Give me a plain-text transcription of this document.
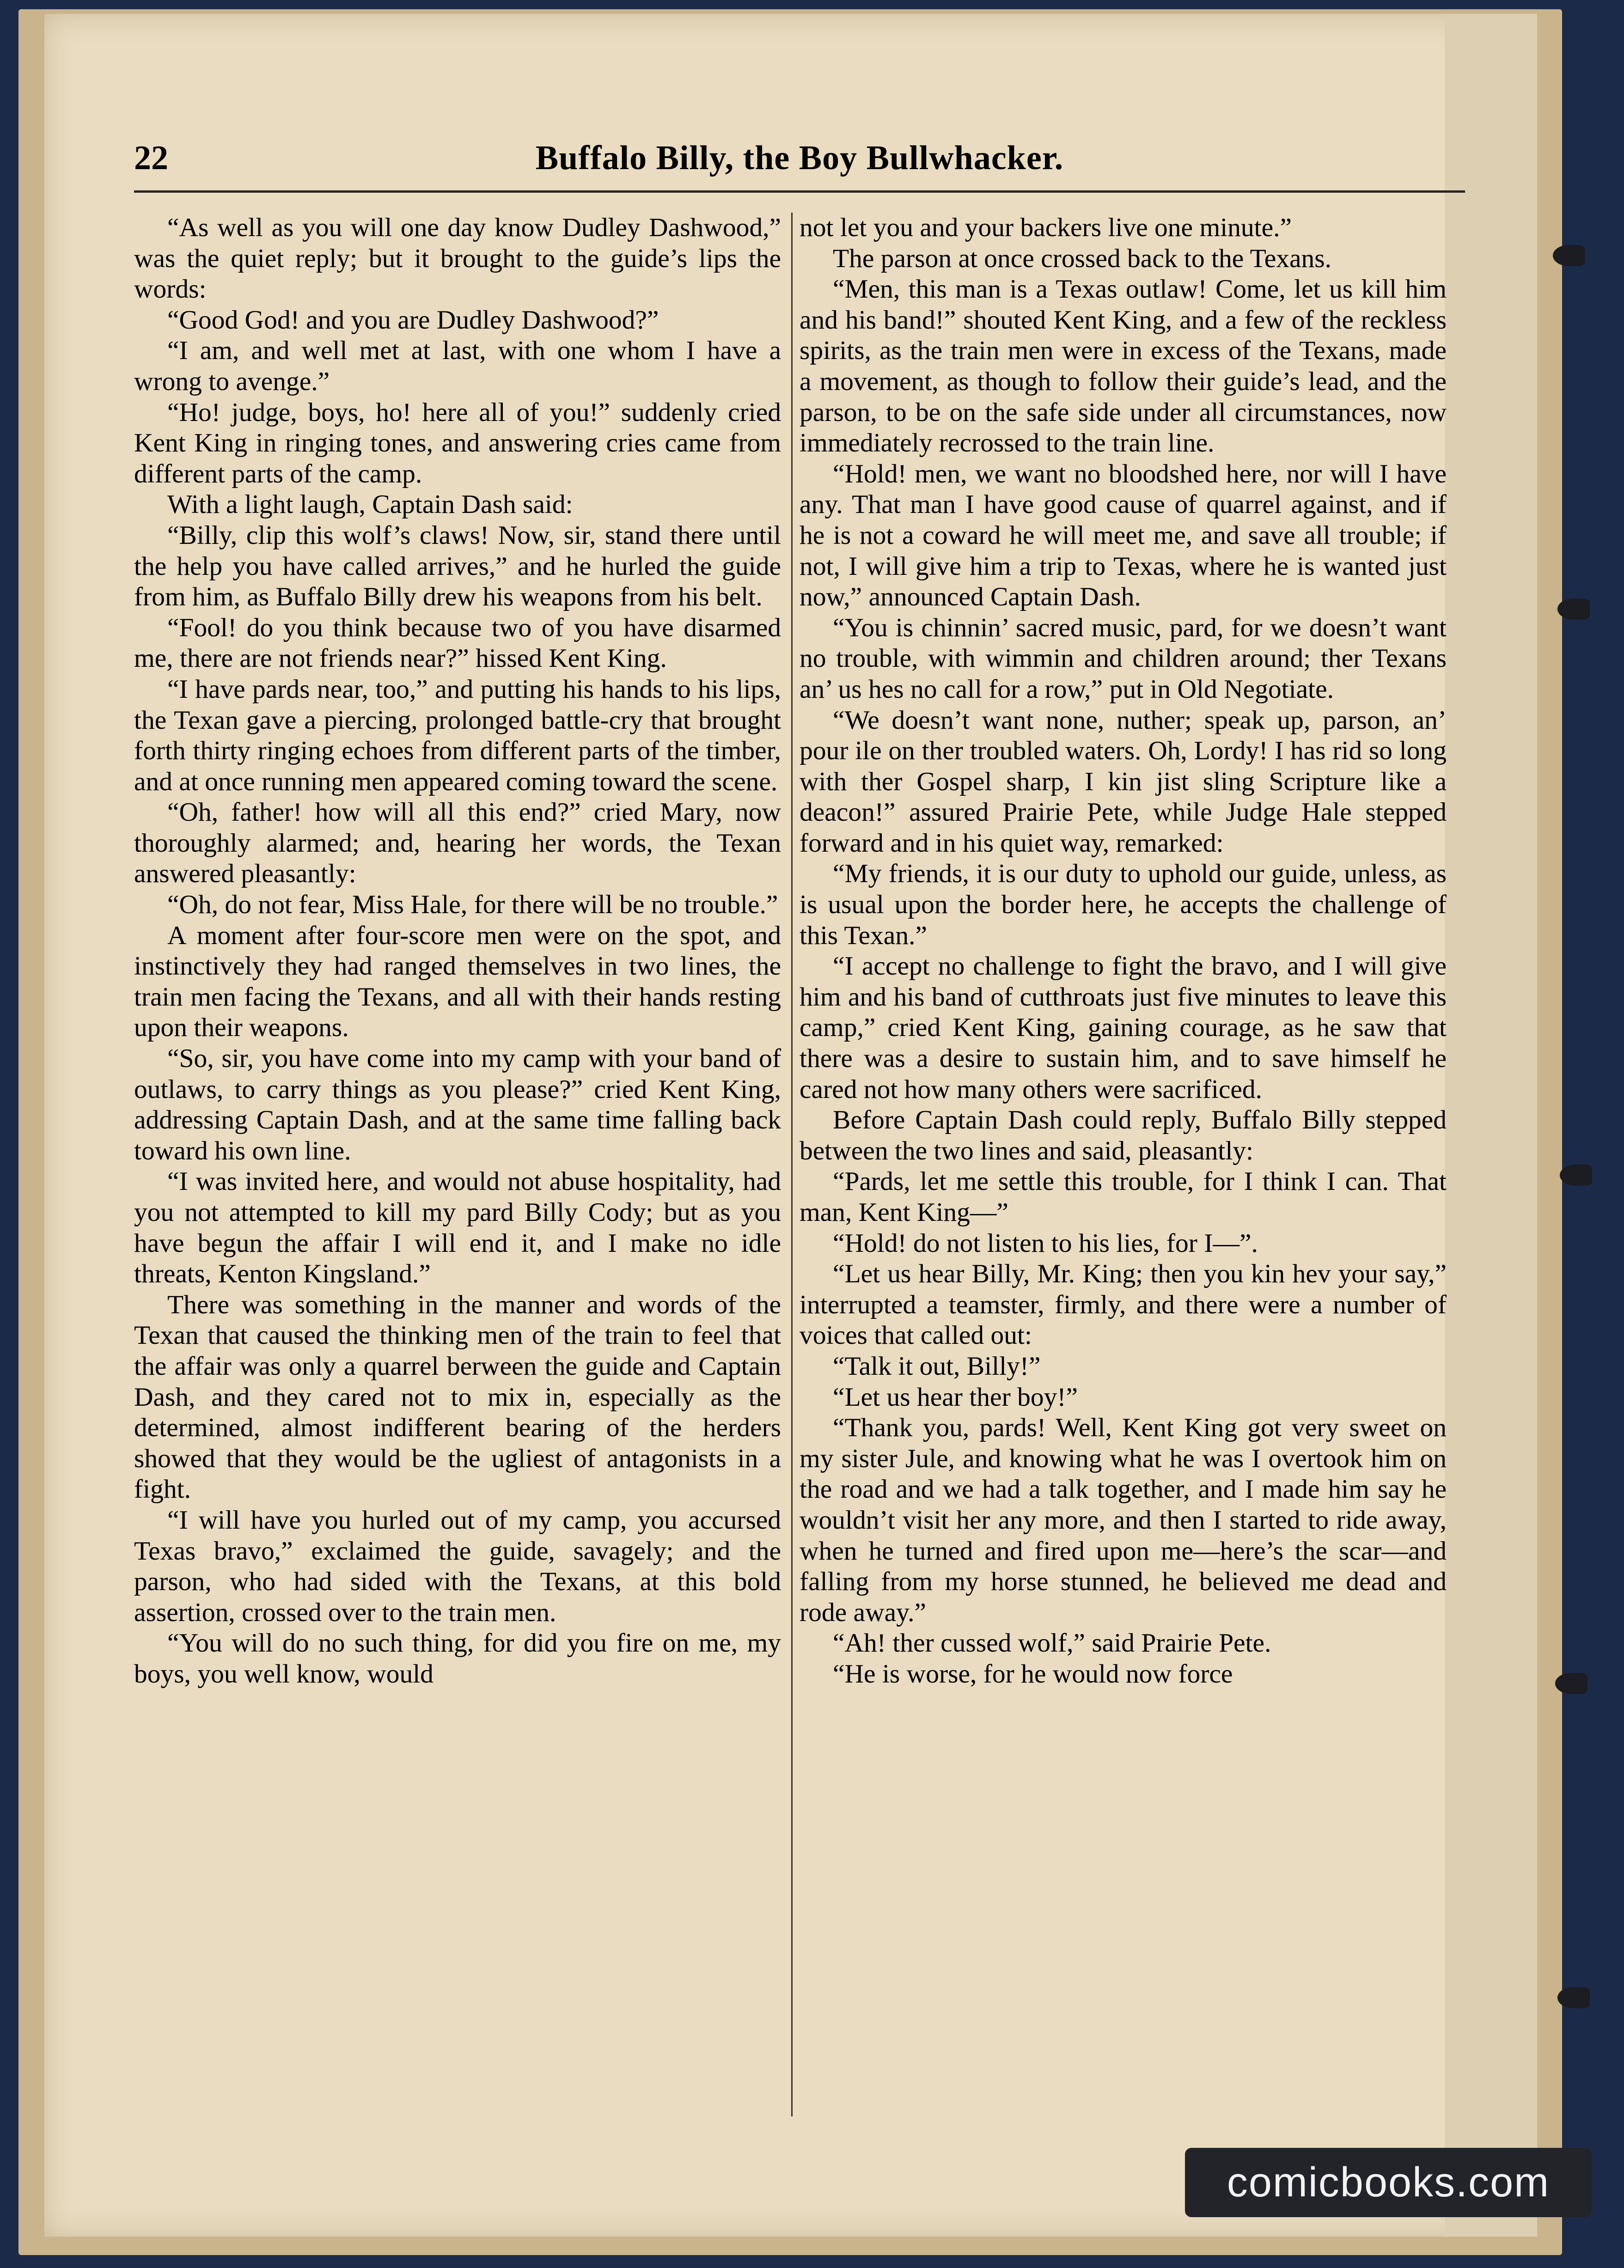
22	Buffalo Billy, the Boy Bullwhacker.

“As well as you will one day know Dudley Dashwood,” was the quiet reply; but it brought to the guide’s lips the words:

“Good God! and you are Dudley Dashwood?”

“I am, and well met at last, with one whom I have a wrong to avenge.”

“Ho! judge, boys, ho! here all of you!” suddenly cried Kent King in ringing tones, and answering cries came from different parts of the camp.

With a light laugh, Captain Dash said:

“Billy, clip this wolf’s claws! Now, sir, stand there until the help you have called arrives,” and he hurled the guide from him, as Buffalo Billy drew his weapons from his belt.

“Fool! do you think because two of you have disarmed me, there are not friends near?” hissed Kent King.

“I have pards near, too,” and putting his hands to his lips, the Texan gave a piercing, prolonged battle-cry that brought forth thirty ringing echoes from different parts of the timber, and at once running men appeared coming toward the scene.

“Oh, father! how will all this end?” cried Mary, now thoroughly alarmed; and, hearing her words, the Texan answered pleasantly:

“Oh, do not fear, Miss Hale, for there will be no trouble.”

A moment after four-score men were on the spot, and instinctively they had ranged themselves in two lines, the train men facing the Texans, and all with their hands resting upon their weapons.

“So, sir, you have come into my camp with your band of outlaws, to carry things as you please?” cried Kent King, addressing Captain Dash, and at the same time falling back toward his own line.

“I was invited here, and would not abuse hospitality, had you not attempted to kill my pard Billy Cody; but as you have begun the affair I will end it, and I make no idle threats, Kenton Kingsland.”

There was something in the manner and words of the Texan that caused the thinking men of the train to feel that the affair was only a quarrel berween the guide and Captain Dash, and they cared not to mix in, especially as the determined, almost indifferent bearing of the herders showed that they would be the ugliest of antagonists in a fight.

“I will have you hurled out of my camp, you accursed Texas bravo,” exclaimed the guide, savagely; and the parson, who had sided with the Texans, at this bold assertion, crossed over to the train men.

“You will do no such thing, for did you fire on me, my boys, you well know, would

not let you and your backers live one minute.”

The parson at once crossed back to the Texans.

“Men, this man is a Texas outlaw! Come, let us kill him and his band!” shouted Kent King, and a few of the reckless spirits, as the train men were in excess of the Texans, made a movement, as though to follow their guide’s lead, and the parson, to be on the safe side under all circumstances, now immediately recrossed to the train line.

“Hold! men, we want no bloodshed here, nor will I have any. That man I have good cause of quarrel against, and if he is not a coward he will meet me, and save all trouble; if not, I will give him a trip to Texas, where he is wanted just now,” announced Captain Dash.

“You is chinnin’ sacred music, pard, for we doesn’t want no trouble, with wimmin and children around; ther Texans an’ us hes no call for a row,” put in Old Negotiate.

“We doesn’t want none, nuther; speak up, parson, an’ pour ile on ther troubled waters. Oh, Lordy! I has rid so long with ther Gospel sharp, I kin jist sling Scripture like a deacon!” assured Prairie Pete, while Judge Hale stepped forward and in his quiet way, remarked:

“My friends, it is our duty to uphold our guide, unless, as is usual upon the border here, he accepts the challenge of this Texan.”

“I accept no challenge to fight the bravo, and I will give him and his band of cutthroats just five minutes to leave this camp,” cried Kent King, gaining courage, as he saw that there was a desire to sustain him, and to save himself he cared not how many others were sacrificed.

Before Captain Dash could reply, Buffalo Billy stepped between the two lines and said, pleasantly:

“Pards, let me settle this trouble, for I think I can. That man, Kent King—”

“Hold! do not listen to his lies, for I—”.

“Let us hear Billy, Mr. King; then you kin hev your say,” interrupted a teamster, firmly, and there were a number of voices that called out:

“Talk it out, Billy!”

“Let us hear ther boy!”

“Thank you, pards! Well, Kent King got very sweet on my sister Jule, and knowing what he was I overtook him on the road and we had a talk together, and I made him say he wouldn’t visit her any more, and then I started to ride away, when he turned and fired upon me—here’s the scar—and falling from my horse stunned, he believed me dead and rode away.”

“Ah! ther cussed wolf,” said Prairie Pete.

“He is worse, for he would now force

comicbooks.com
